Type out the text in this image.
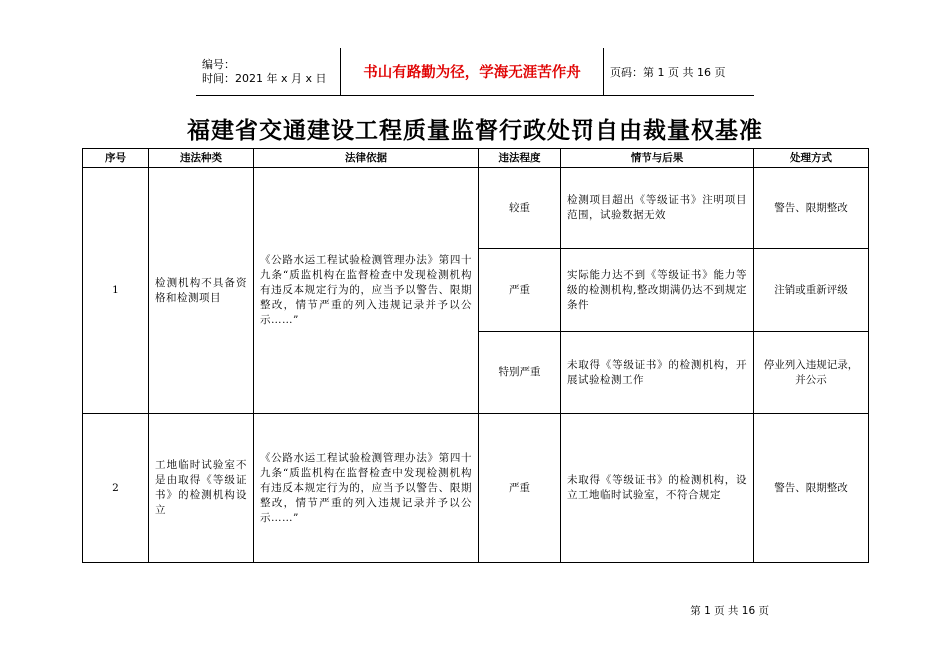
编号：
时间：2021 年 x 月 x 日	书山有路勤为径，学海无涯苦作舟	页码：第 1 页 共 16 页
福建省交通建设工程质量监督行政处罚自由裁量权基准
序号	违法种类	法律依据	违法程度	情节与后果	处理方式
1	检测机构不具备资格和检测项目	《公路水运工程试验检测管理办法》第四十九条“质监机构在监督检查中发现检测机构有违反本规定行为的，应当予以警告、限期整改，情节严重的列入违规记录并予以公示……”	较重	检测项目超出《等级证书》注明项目范围，试验数据无效	警告、限期整改
			严重	实际能力达不到《等级证书》能力等级的检测机构,整改期满仍达不到规定条件	注销或重新评级
			特别严重	未取得《等级证书》的检测机构，开展试验检测工作	停业列入违规记录，并公示
2	工地临时试验室不是由取得《等级证书》的检测机构设立	《公路水运工程试验检测管理办法》第四十九条“质监机构在监督检查中发现检测机构有违反本规定行为的，应当予以警告、限期整改，情节严重的列入违规记录并予以公示……”	严重	未取得《等级证书》的检测机构，设立工地临时试验室，不符合规定	警告、限期整改
第 1 页 共 16 页
